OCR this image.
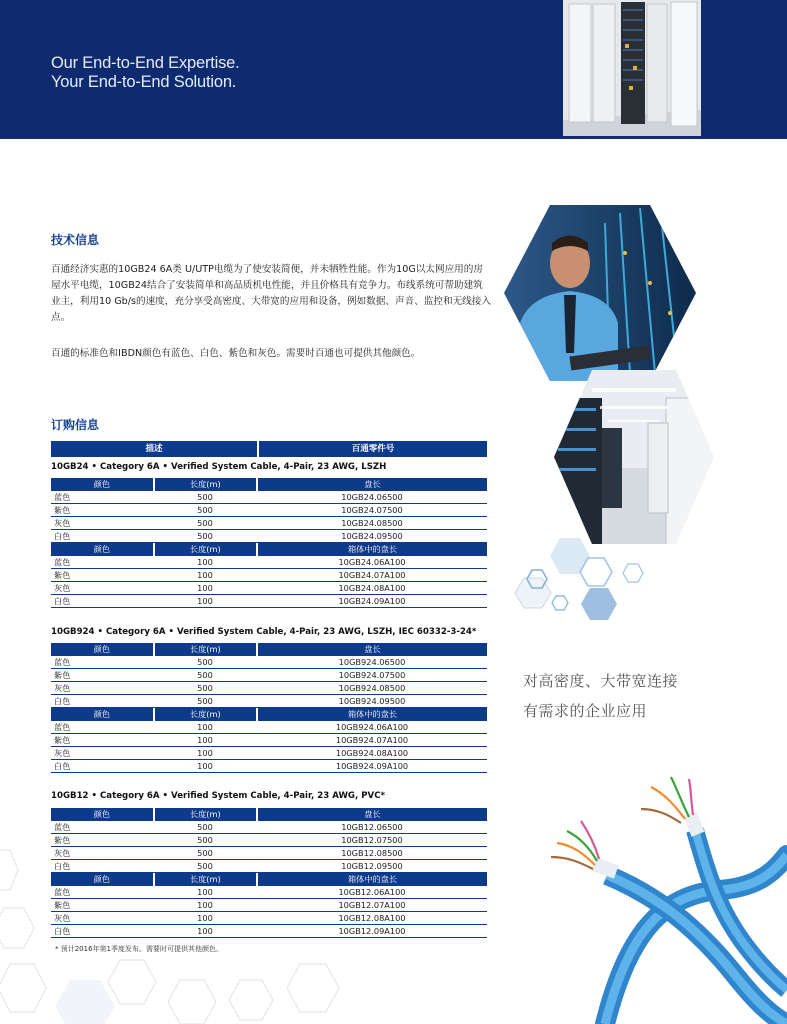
Our End-to-End Expertise.
Your End-to-End Solution.
技术信息

百通经济实惠的10GB24 6A类 U/UTP电缆为了使安装简便，并未牺牲性能。作为10G以太网应用的房屋水平电缆，10GB24结合了安装简单和高品质机电性能，并且价格具有竞争力。布线系统可帮助建筑业主，利用10 Gb/s的速度，充分享受高密度、大带宽的应用和设备，例如数据、声音、监控和无线接入点。

百通的标准色和IBDN颜色有蓝色、白色、紫色和灰色。需要时百通也可提供其他颜色。

订购信息
描述	百通零件号
10GB24 • Category 6A • Verified System Cable, 4-Pair, 23 AWG, LSZH
颜色	长度(m)	盘长
蓝色	500	10GB24.06500
紫色	500	10GB24.07500
灰色	500	10GB24.08500
白色	500	10GB24.09500
颜色	长度(m)	箱体中的盘长
蓝色	100	10GB24.06A100
紫色	100	10GB24.07A100
灰色	100	10GB24.08A100
白色	100	10GB24.09A100
10GB924 • Category 6A • Verified System Cable, 4-Pair, 23 AWG, LSZH, IEC 60332-3-24*
颜色	长度(m)	盘长
蓝色	500	10GB924.06500
紫色	500	10GB924.07500
灰色	500	10GB924.08500
白色	500	10GB924.09500
颜色	长度(m)	箱体中的盘长
蓝色	100	10GB924.06A100
紫色	100	10GB924.07A100
灰色	100	10GB924.08A100
白色	100	10GB924.09A100
10GB12 • Category 6A • Verified System Cable, 4-Pair, 23 AWG, PVC*
颜色	长度(m)	盘长
蓝色	500	10GB12.06500
紫色	500	10GB12.07500
灰色	500	10GB12.08500
白色	500	10GB12.09500
颜色	长度(m)	箱体中的盘长
蓝色	100	10GB12.06A100
紫色	100	10GB12.07A100
灰色	100	10GB12.08A100
白色	100	10GB12.09A100
* 预计2016年第1季度发布。需要时可提供其他颜色。
对高密度、大带宽连接
有需求的企业应用
